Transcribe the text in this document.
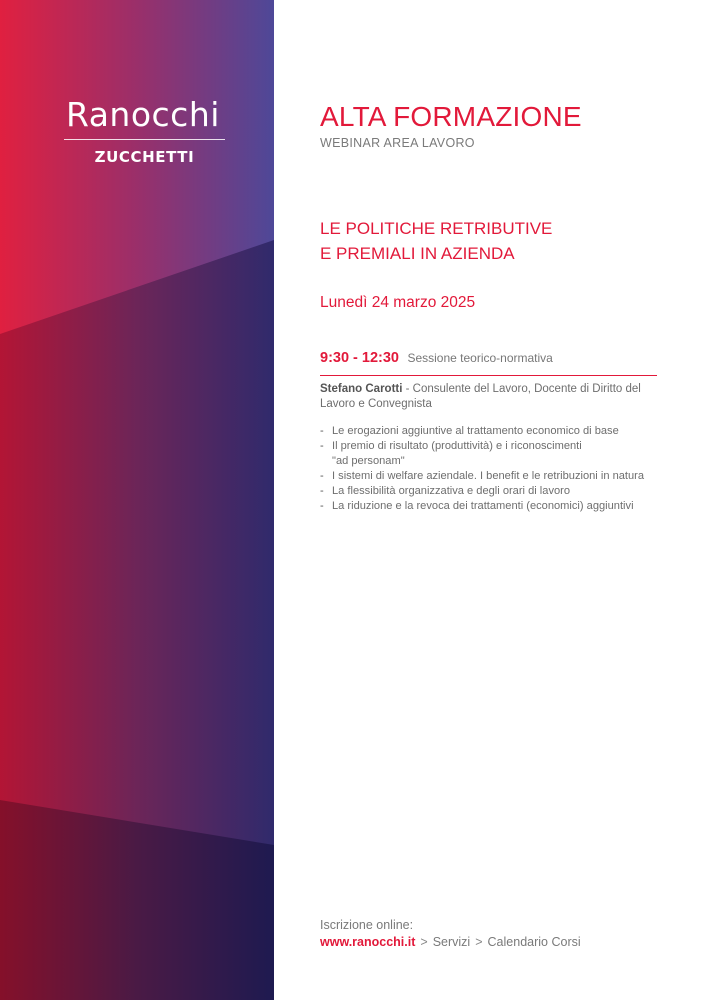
Ranocchi
ZUCCHETTI
ALTA FORMAZIONE
WEBINAR AREA LAVORO
LE POLITICHE RETRIBUTIVE
E PREMIALI IN AZIENDA
Lunedì 24 marzo 2025
9:30 - 12:30 Sessione teorico-normativa
Stefano Carotti - Consulente del Lavoro, Docente di Diritto del Lavoro e Convegnista
- Le erogazioni aggiuntive al trattamento economico di base
- Il premio di risultato (produttività) e i riconoscimenti
"ad personam"
- I sistemi di welfare aziendale. I benefit e le retribuzioni in natura
- La flessibilità organizzativa e degli orari di lavoro
- La riduzione e la revoca dei trattamenti (economici) aggiuntivi
Iscrizione online:
www.ranocchi.it > Servizi > Calendario Corsi
